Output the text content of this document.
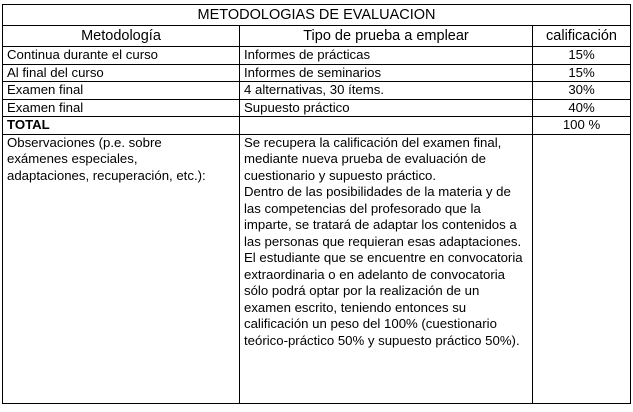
METODOLOGIAS DE EVALUACION		
Metodología	Tipo de prueba a emplear	calificación
Continua durante el curso	Informes de prácticas	15%
Al final del curso	Informes de seminarios	15%
Examen final	4 alternativas, 30 ítems.	30%
Examen final	Supuesto práctico	40%
TOTAL		100 %

Observaciones (p.e. sobre exámenes especiales, adaptaciones, recuperación, etc.):	Se recupera la calificación del examen final, mediante nueva prueba de evaluación de cuestionario y supuesto práctico.
Dentro de las posibilidades de la materia y de las competencias del profesorado que la imparte, se tratará de adaptar los contenidos a las personas que requieran esas adaptaciones.
El estudiante que se encuentre en convocatoria extraordinaria o en adelanto de convocatoria sólo podrá optar por la realización de un examen escrito, teniendo entonces su calificación un peso del 100% (cuestionario teórico-práctico 50% y supuesto práctico 50%).	
